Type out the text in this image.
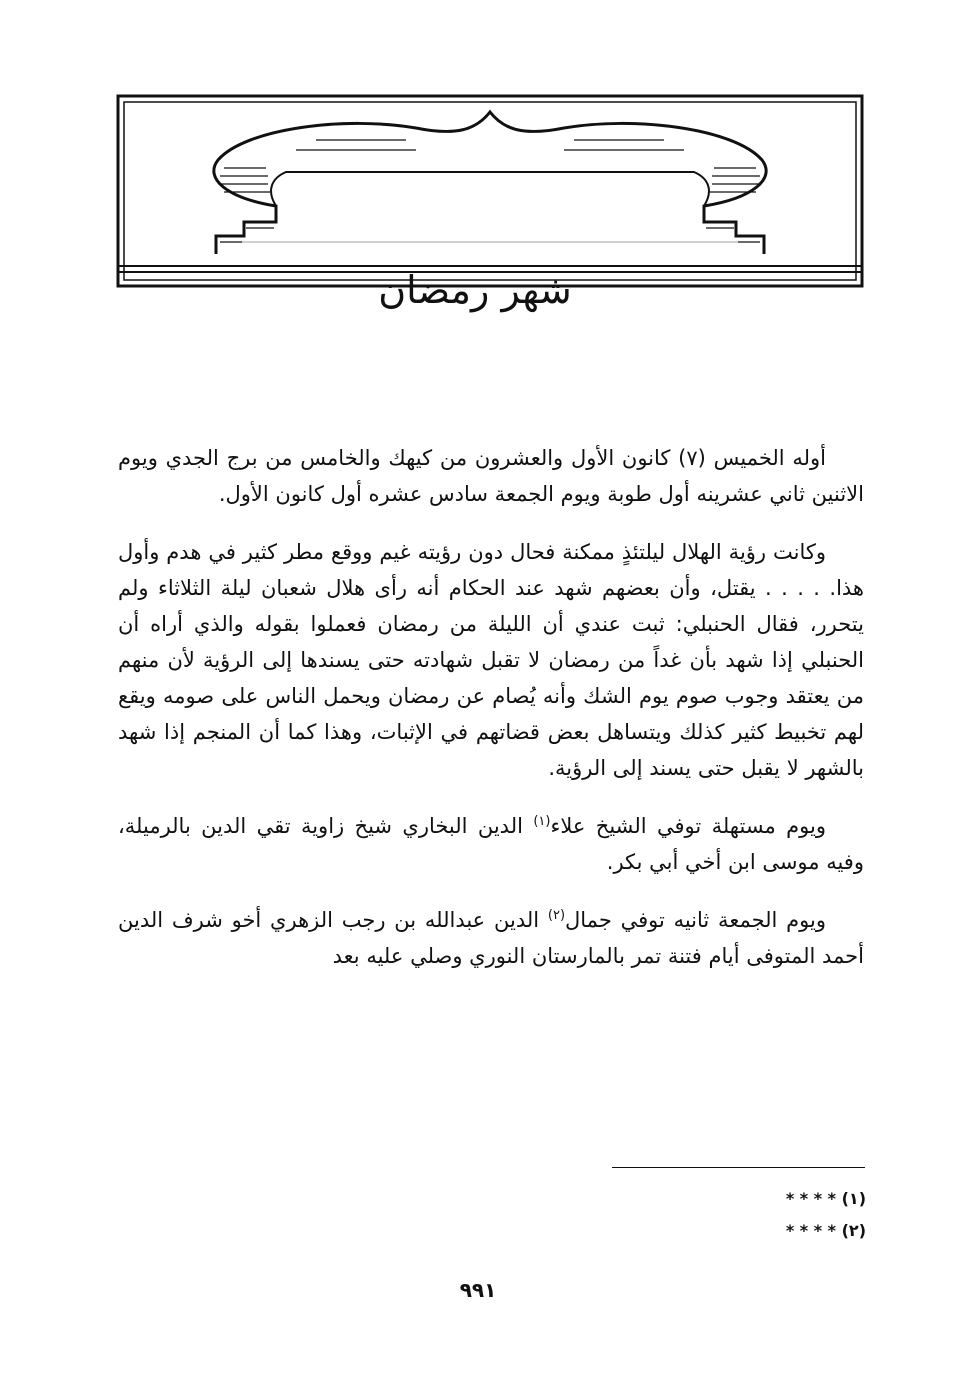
شهر رمضان

أوله الخميس (٧) كانون الأول والعشرون من كيهك والخامس من برج الجدي ويوم الاثنين ثاني عشرينه أول طوبة ويوم الجمعة سادس عشره أول كانون الأول.

وكانت رؤية الهلال ليلتئذٍ ممكنة فحال دون رؤيته غيم ووقع مطر كثير في هدم وأول هذا. . . . . يقتل، وأن بعضهم شهد عند الحكام أنه رأى هلال شعبان ليلة الثلاثاء ولم يتحرر، فقال الحنبلي: ثبت عندي أن الليلة من رمضان فعملوا بقوله والذي أراه أن الحنبلي إذا شهد بأن غداً من رمضان لا تقبل شهادته حتى يسندها إلى الرؤية لأن منهم من يعتقد وجوب صوم يوم الشك وأنه يُصام عن رمضان ويحمل الناس على صومه ويقع لهم تخبيط كثير كذلك ويتساهل بعض قضاتهم في الإثبات، وهذا كما أن المنجم إذا شهد بالشهر لا يقبل حتى يسند إلى الرؤية.

ويوم مستهلة توفي الشيخ علاء$^{(١)}$ الدين البخاري شيخ زاوية تقي الدين بالرميلة، وفيه موسى ابن أخي أبي بكر.

ويوم الجمعة ثانيه توفي جمال$^{(٢)}$ الدين عبدالله بن رجب الزهري أخو شرف الدين أحمد المتوفى أيام فتنة تمر بالمارستان النوري وصلي عليه بعد

(١) * * * *
(٢) * * * *
٩٩١
